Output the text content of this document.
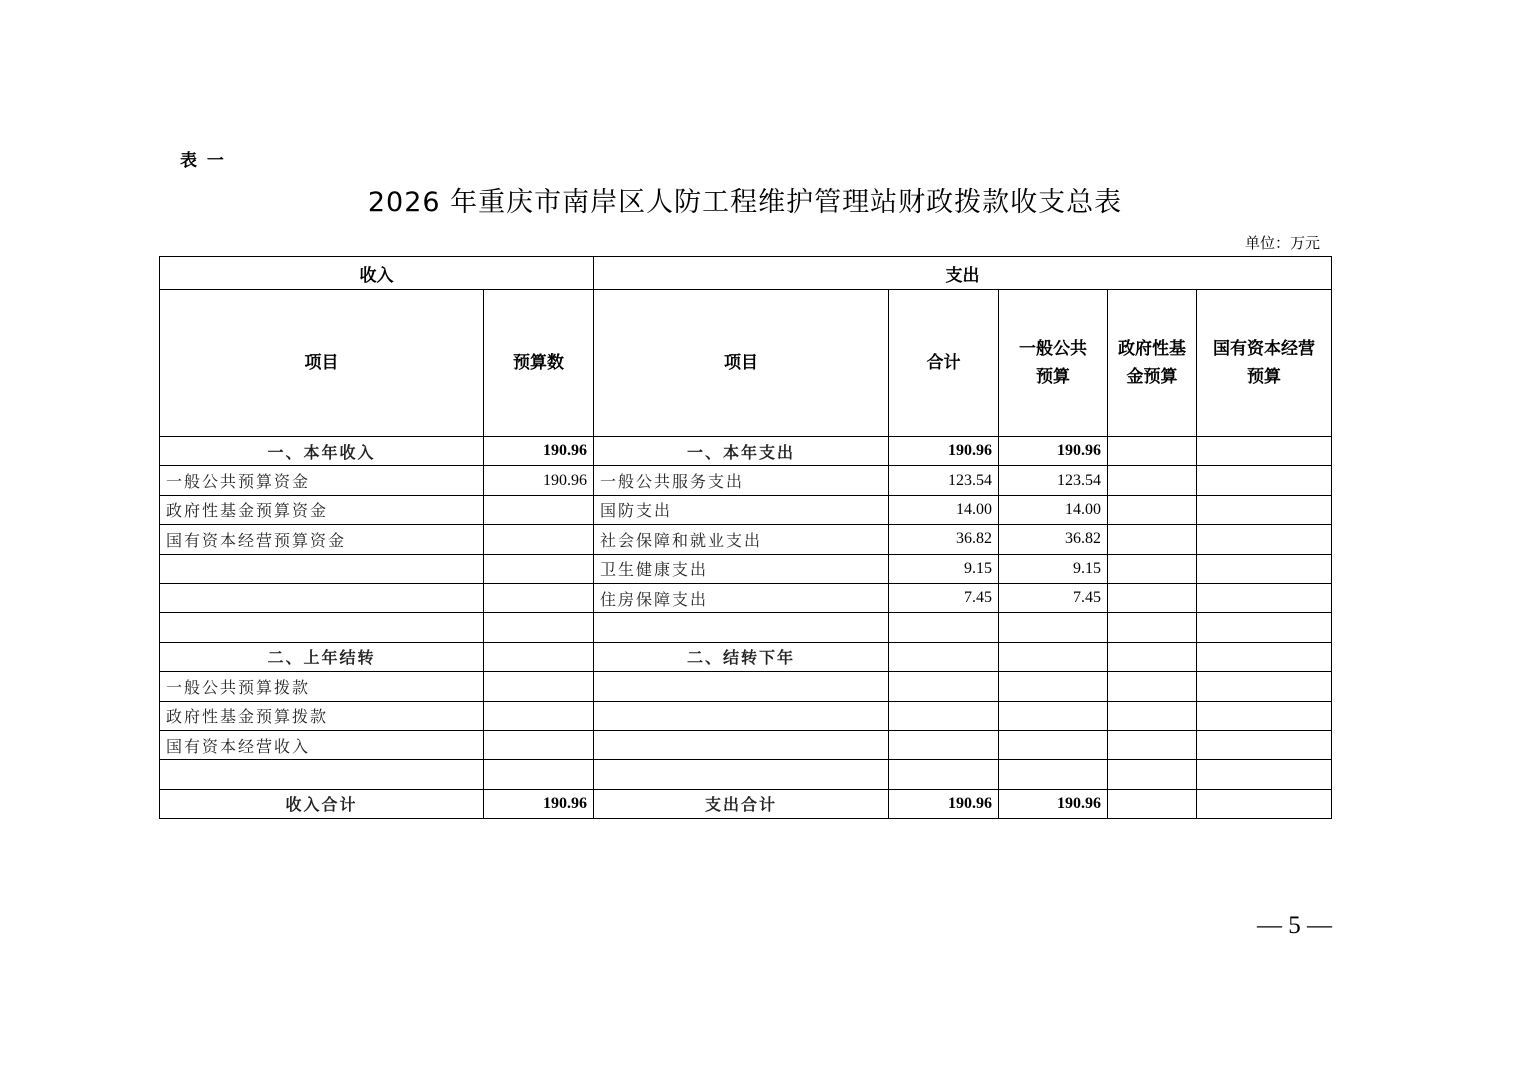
表 一
2026 年重庆市南岸区人防工程维护管理站财政拨款收支总表
单位：万元
收入		支出				
项目	预算数	项目	合计	一般公共预算	政府性基金预算	国有资本经营预算
一、本年收入	190.96	一、本年支出	190.96	190.96		
一般公共预算资金	190.96	一般公共服务支出	123.54	123.54		
政府性基金预算资金		国防支出	14.00	14.00		
国有资本经营预算资金		社会保障和就业支出	36.82	36.82		
		卫生健康支出	9.15	9.15		
		住房保障支出	7.45	7.45		

二、上年结转		二、结转下年				
一般公共预算拨款						
政府性基金预算拨款						
国有资本经营收入						

收入合计	190.96	支出合计	190.96	190.96		
— 5 —
